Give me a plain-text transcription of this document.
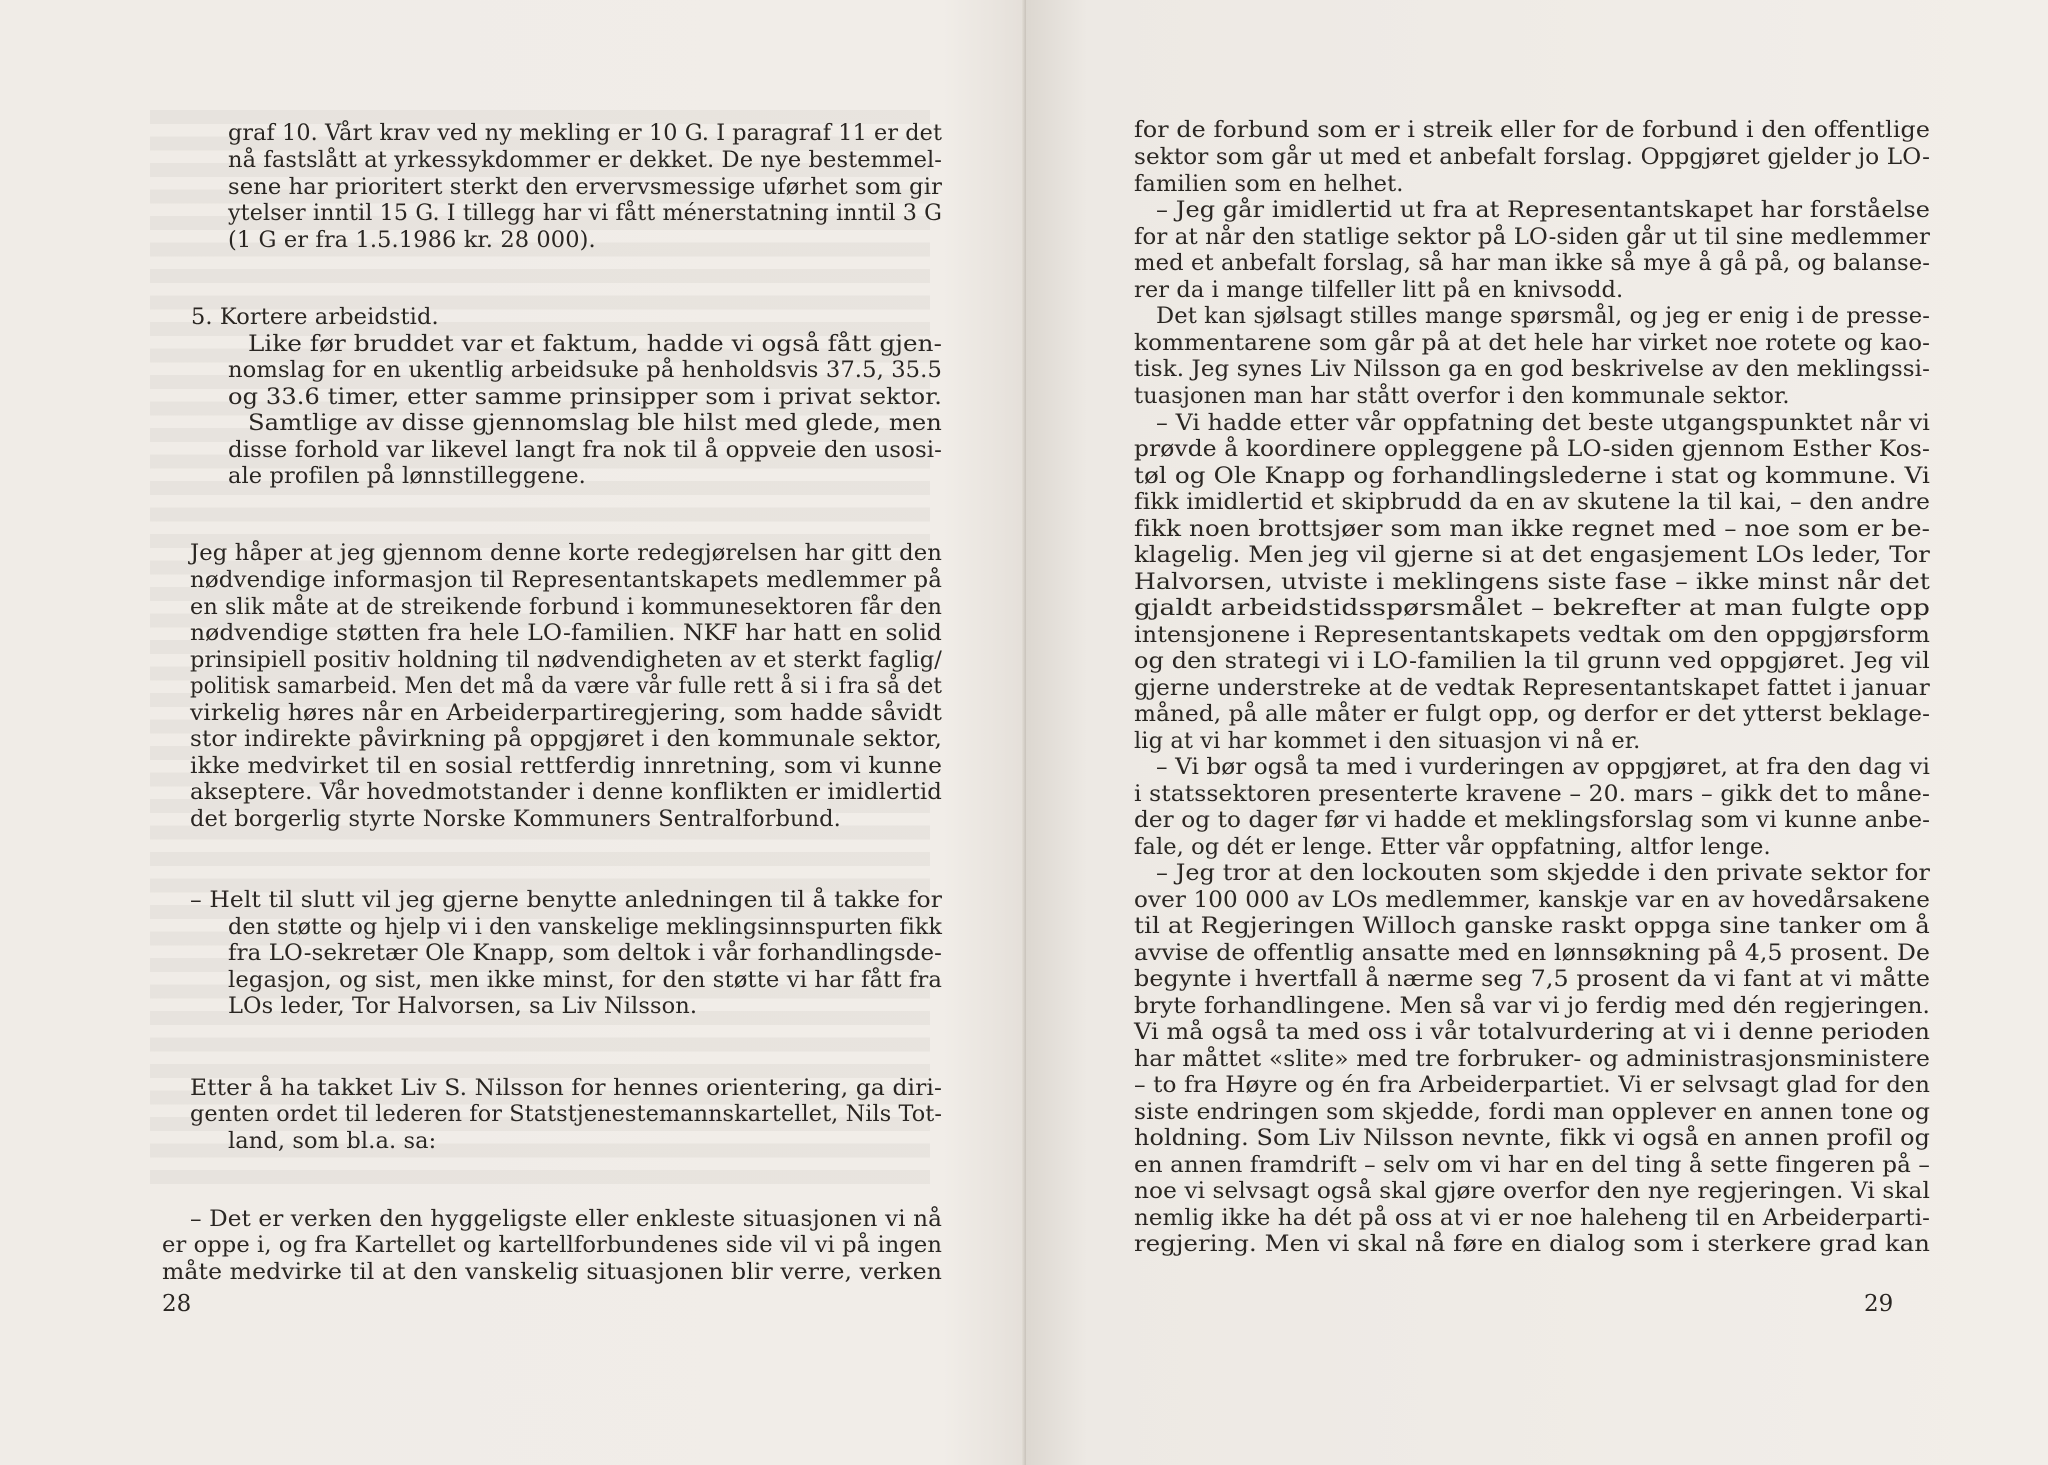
graf 10. Vårt krav ved ny mekling er 10 G. I paragraf 11 er det
nå fastslått at yrkessykdommer er dekket. De nye bestemmel-
sene har prioritert sterkt den ervervsmessige uførhet som gir
ytelser inntil 15 G. I tillegg har vi fått ménerstatning inntil 3 G
(1 G er fra 1.5.1986 kr. 28 000).
5. Kortere arbeidstid.
Like før bruddet var et faktum, hadde vi også fått gjen-
nomslag for en ukentlig arbeidsuke på henholdsvis 37.5, 35.5
og 33.6 timer, etter samme prinsipper som i privat sektor.
Samtlige av disse gjennomslag ble hilst med glede, men
disse forhold var likevel langt fra nok til å oppveie den usosi-
ale profilen på lønnstilleggene.
Jeg håper at jeg gjennom denne korte redegjørelsen har gitt den
nødvendige informasjon til Representantskapets medlemmer på
en slik måte at de streikende forbund i kommunesektoren får den
nødvendige støtten fra hele LO-familien. NKF har hatt en solid
prinsipiell positiv holdning til nødvendigheten av et sterkt faglig/
politisk samarbeid. Men det må da være vår fulle rett å si i fra så det
virkelig høres når en Arbeiderpartiregjering, som hadde såvidt
stor indirekte påvirkning på oppgjøret i den kommunale sektor,
ikke medvirket til en sosial rettferdig innretning, som vi kunne
akseptere. Vår hovedmotstander i denne konflikten er imidlertid
det borgerlig styrte Norske Kommuners Sentralforbund.
– Helt til slutt vil jeg gjerne benytte anledningen til å takke for
den støtte og hjelp vi i den vanskelige meklingsinnspurten fikk
fra LO-sekretær Ole Knapp, som deltok i vår forhandlingsde-
legasjon, og sist, men ikke minst, for den støtte vi har fått fra
LOs leder, Tor Halvorsen, sa Liv Nilsson.
Etter å ha takket Liv S. Nilsson for hennes orientering, ga diri-
genten ordet til lederen for Statstjenestemannskartellet, Nils Tot-
land, som bl.a. sa:
– Det er verken den hyggeligste eller enkleste situasjonen vi nå
er oppe i, og fra Kartellet og kartellforbundenes side vil vi på ingen
måte medvirke til at den vanskelig situasjonen blir verre, verken
28
for de forbund som er i streik eller for de forbund i den offentlige
sektor som går ut med et anbefalt forslag. Oppgjøret gjelder jo LO-
familien som en helhet.
– Jeg går imidlertid ut fra at Representantskapet har forståelse
for at når den statlige sektor på LO-siden går ut til sine medlemmer
med et anbefalt forslag, så har man ikke så mye å gå på, og balanse-
rer da i mange tilfeller litt på en knivsodd.
Det kan sjølsagt stilles mange spørsmål, og jeg er enig i de presse-
kommentarene som går på at det hele har virket noe rotete og kao-
tisk. Jeg synes Liv Nilsson ga en god beskrivelse av den meklingssi-
tuasjonen man har stått overfor i den kommunale sektor.
– Vi hadde etter vår oppfatning det beste utgangspunktet når vi
prøvde å koordinere oppleggene på LO-siden gjennom Esther Kos-
tøl og Ole Knapp og forhandlingslederne i stat og kommune. Vi
fikk imidlertid et skipbrudd da en av skutene la til kai, – den andre
fikk noen brottsjøer som man ikke regnet med – noe som er be-
klagelig. Men jeg vil gjerne si at det engasjement LOs leder, Tor
Halvorsen, utviste i meklingens siste fase – ikke minst når det
gjaldt arbeidstidsspørsmålet – bekrefter at man fulgte opp
intensjonene i Representantskapets vedtak om den oppgjørsform
og den strategi vi i LO-familien la til grunn ved oppgjøret. Jeg vil
gjerne understreke at de vedtak Representantskapet fattet i januar
måned, på alle måter er fulgt opp, og derfor er det ytterst beklage-
lig at vi har kommet i den situasjon vi nå er.
– Vi bør også ta med i vurderingen av oppgjøret, at fra den dag vi
i statssektoren presenterte kravene – 20. mars – gikk det to måne-
der og to dager før vi hadde et meklingsforslag som vi kunne anbe-
fale, og dét er lenge. Etter vår oppfatning, altfor lenge.
– Jeg tror at den lockouten som skjedde i den private sektor for
over 100 000 av LOs medlemmer, kanskje var en av hovedårsakene
til at Regjeringen Willoch ganske raskt oppga sine tanker om å
avvise de offentlig ansatte med en lønnsøkning på 4,5 prosent. De
begynte i hvertfall å nærme seg 7,5 prosent da vi fant at vi måtte
bryte forhandlingene. Men så var vi jo ferdig med dén regjeringen.
Vi må også ta med oss i vår totalvurdering at vi i denne perioden
har måttet «slite» med tre forbruker- og administrasjonsministere
– to fra Høyre og én fra Arbeiderpartiet. Vi er selvsagt glad for den
siste endringen som skjedde, fordi man opplever en annen tone og
holdning. Som Liv Nilsson nevnte, fikk vi også en annen profil og
en annen framdrift – selv om vi har en del ting å sette fingeren på –
noe vi selvsagt også skal gjøre overfor den nye regjeringen. Vi skal
nemlig ikke ha dét på oss at vi er noe haleheng til en Arbeiderparti-
regjering. Men vi skal nå føre en dialog som i sterkere grad kan
29
